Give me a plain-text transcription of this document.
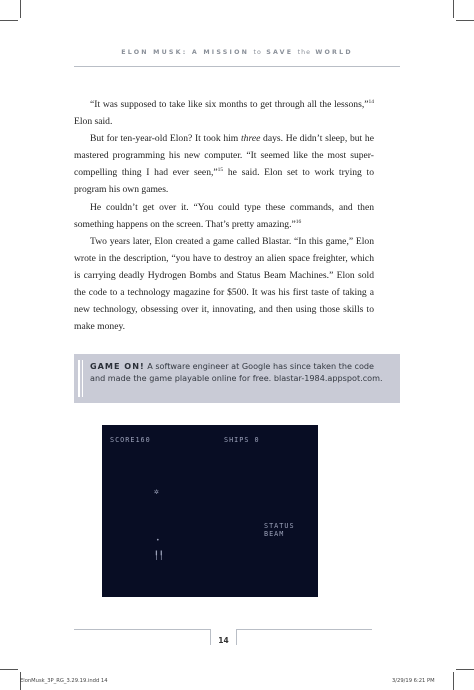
ELON MUSK: A MISSION to SAVE the WORLD

“It was supposed to take like six months to get through all the lessons,”$^{14}$ Elon said.

But for ten-year-old Elon? It took him three days. He didn’t sleep, but he mastered programming his new computer. “It seemed like the most super-compelling thing I had ever seen,”$^{15}$ he said. Elon set to work trying to program his own games.

He couldn’t get over it. “You could type these commands, and then something happens on the screen. That’s pretty amazing.”$^{16}$

Two years later, Elon created a game called Blastar. “In this game,” Elon wrote in the description, “you have to destroy an alien space freighter, which is carrying deadly Hydrogen Bombs and Status Beam Machines.” Elon sold the code to a technology magazine for $500. It was his first taste of taking a new technology, obsessing over it, innovating, and then using those skills to make money.

GAME ON! A software engineer at Google has since taken the code and made the game playable online for free. blastar-1984.appspot.com.
SCORE160	SHIPS 0
✲
STATUS BEAM
•
╿╿
14
ElonMusk_3P_RG_3.29.19.indd 14	3/29/19 6:21 PM
